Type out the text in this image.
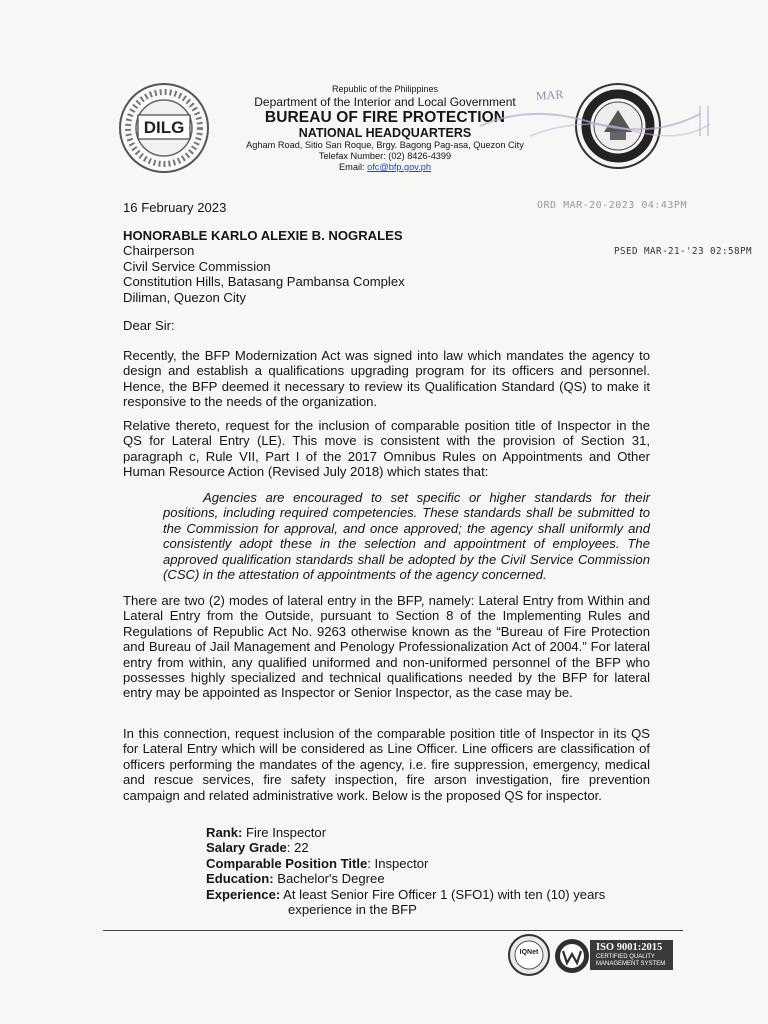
DILG
Republic of the Philippines
Department of the Interior and Local Government
BUREAU OF FIRE PROTECTION
NATIONAL HEADQUARTERS
Agham Road, Sitio San Roque, Brgy. Bagong Pag-asa, Quezon City
Telefax Number: (02) 8426-4399
Email: ofc@bfp.gov.ph
MAR
16 February 2023	ORD MAR-20-2023 04:43PM
PSED MAR-21-'23 02:58PM
HONORABLE KARLO ALEXIE B. NOGRALES
Chairperson
Civil Service Commission
Constitution Hills, Batasang Pambansa Complex
Diliman, Quezon City
Dear Sir:
Recently, the BFP Modernization Act was signed into law which mandates the agency to design and establish a qualifications upgrading program for its officers and personnel. Hence, the BFP deemed it necessary to review its Qualification Standard (QS) to make it responsive to the needs of the organization.
Relative thereto, request for the inclusion of comparable position title of Inspector in the QS for Lateral Entry (LE). This move is consistent with the provision of Section 31, paragraph c, Rule VII, Part I of the 2017 Omnibus Rules on Appointments and Other Human Resource Action (Revised July 2018) which states that:
Agencies are encouraged to set specific or higher standards for their positions, including required competencies. These standards shall be submitted to the Commission for approval, and once approved; the agency shall uniformly and consistently adopt these in the selection and appointment of employees. The approved qualification standards shall be adopted by the Civil Service Commission (CSC) in the attestation of appointments of the agency concerned.
There are two (2) modes of lateral entry in the BFP, namely: Lateral Entry from Within and Lateral Entry from the Outside, pursuant to Section 8 of the Implementing Rules and Regulations of Republic Act No. 9263 otherwise known as the “Bureau of Fire Protection and Bureau of Jail Management and Penology Professionalization Act of 2004.” For lateral entry from within, any qualified uniformed and non-uniformed personnel of the BFP who possesses highly specialized and technical qualifications needed by the BFP for lateral entry may be appointed as Inspector or Senior Inspector, as the case may be.
In this connection, request inclusion of the comparable position title of Inspector in its QS for Lateral Entry which will be considered as Line Officer. Line officers are classification of officers performing the mandates of the agency, i.e. fire suppression, emergency, medical and rescue services, fire safety inspection, fire arson investigation, fire prevention campaign and related administrative work. Below is the proposed QS for inspector.
Rank: Fire Inspector
Salary Grade: 22
Comparable Position Title: Inspector
Education: Bachelor's Degree
Experience: At least Senior Fire Officer 1 (SFO1) with ten (10) years
experience in the BFP
IQNet	ISO 9001:2015
CERTIFIED QUALITY
MANAGEMENT SYSTEM
